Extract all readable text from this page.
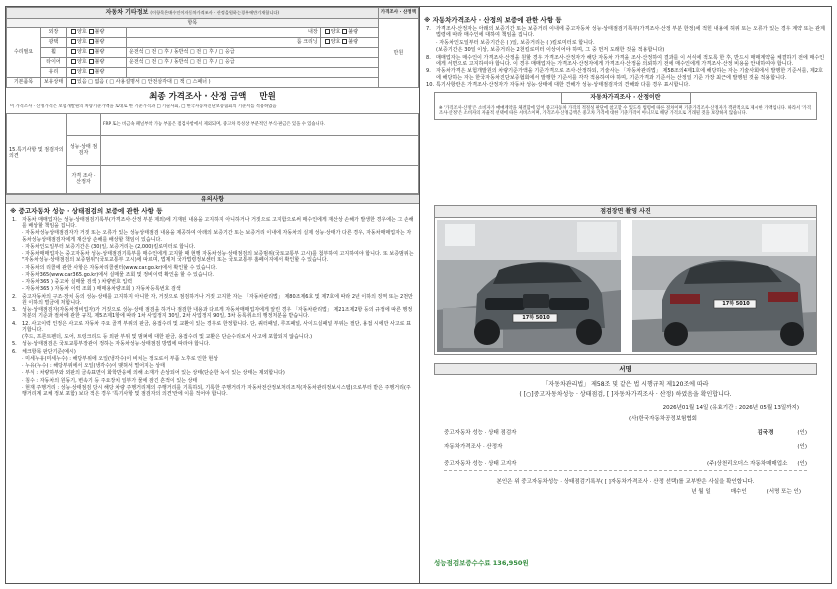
자동차 기타정보 (이항목은매수인이자동차가격조사 · 산정을원하는경우에만기재합니다)					가격조사 · 산정액
항목					만원
수리필요	외장	양호 불량	내장	양호 불량	
	광택	양호 불량	룸 크리닝	양호 불량	
	휠	양호 불량	운전석 □ 전 □ 후 / 동반석 □ 전 □ 후 / □ 응급		
	타이어	양호 불량	운전석 □ 전 □ 후 / 동반석 □ 전 □ 후 / □ 응급		
	유리	양호 불량			
기본품목	보유상태	있음 □ 없음 ( □ 사용설명서 □ 안전삼각대 □ 잭 □ 스패너 )			
최종 가격조사 · 산정 금액 만원
이 가격조사 · 산정가격은 보험개발원의 차량기준가액을 토대로 한 기준가격과 □ 기술사회, □ 한국자동차진단보증협회의 기준서를 적용하였음
15.특기사항 및 점검자의 의견		FRP 또는 비금속 패널부착 가능 부품은 점검사항에서 제외되며, 중고차 특성상 부분적인 부식·판금은 있을 수 있습니다.
	성능·상태 점검자	
	가격 조사 · 산정자	
유의사항
※ 중고자동차 성능 · 상태점검의 보증에 관한 사항 등
1.	자동차 매매업자는 성능·상태점검기록부(가격조사·산정 부분 제외)에 기재된 내용을 고지하지 아니하거나 거짓으로 고지함으로써 매수인에게 재산상 손해가 발생한 경우에는 그 손해를 배상할 책임을 집니다.
· 자동차성능상태점검자가 거짓 또는 오류가 있는 성능상태점검 내용을 제공하여 아래의 보증기간 또는 보증거리 이내에 자동차의 실제 성능·상태가 다른 경우, 자동차매매업자는 자동차성능상태점검자에게 재산상 손해를 배상할 책임이 있습니다.
· 자동차인도일부터 보증기간은 (30)일, 보증거리는 (2,000)킬로미터로 합니다.
· 자동차매매업자는 중고자동차 성능·상태점검기록부를 매수인에게 고지할 때 현행 자동차성능·상태점검의 보증범위(국토교통부 고시)를 첨부하여 고지하여야 합니다. 또 보증범위는 "자동차성능·상태점검의 보증범위"(국토교통부 고시)에 따르며, 법제처 국가법령정보센터 또는 국토교통부 홈페이지에서 확인할 수 있습니다.
· 자동차의 리콜에 관한 사항은 자동차리콜센터(www.car.go.kr)에서 확인할 수 있습니다.
· 자동차365(www.car365.go.kr)에서 실매물 조회 및 정비이력 확인을 할 수 있습니다.
- 자동차365 ) 중고차 실매물 검색 ) 차량번호 입력
- 자동차365 ) 자동차 이력 조회 ) 매매용차량조회 ) 자동차등록번호 검색
2.	중고자동차의 구조·장치 등의 성능·상태를 고지하지 아니한 자, 거짓으로 점검하거나 거짓 고지한 자는 「자동차관리법」 제80조제6호 및 제7호에 따라 2년 이하의 징역 또는 2천만원 이하의 벌금에 처합니다.
3.	성능·상태점검자(자동차정비업자)가 거짓으로 성능·상태 점검을 하거나 점검한 내용과 다르게 자동차매매업자에게 알린 경우 「자동차관리법」 제21조제2항 등의 규정에 따른 행정처분의 기준과 절차에 관한 규칙, 제5조제1항에 따라 1차 사업정지 30일, 2차 사업정지 90일, 3차 등록취소의 행정처분을 받습니다.
4.	12. 사고이력 인정은 사고로 자동차 주요 골격 부위의 판금, 용접수리 및 교환이 있는 경우로 한정합니다. 단, 쿼터패널, 루프패널, 사이드실패널 부위는 절단, 용접 시에만 사고로 표기합니다.
(후드, 프론트펜더, 도어, 트렁크리드 등 외판 부위 및 범퍼에 대한 판금, 용접수리 및 교환은 단순수리로서 사고에 포함되지 않습니다.)
5.	성능·상태점검은 국토교통부장관이 정하는 자동차성능·상태점검 방법에 따라야 합니다.
6.	체크항목 판단기준(예시)
· 미세누유(미세누수) : 해당부위에 오일(냉각수)이 비치는 정도로서 부품 노후로 인한 현상
· 누유(누수) : 해당부위에서 오일(냉각수)이 맺혀서 떨어지는 상태
· 부식 : 차량하부와 외판의 금속표면이 화학반응에 의해 소재가 손상되어 있는 상태(단순한 녹이 있는 상태는 제외합니다)
· 침수 : 자동차의 원동기, 변속기 등 주요장치 일부가 물에 잠긴 흔적이 있는 상태
· 현재 주행거리 : 성능·상태점검 당시 해당 차량 주행거리계의 주행거리를 기록하되, 기록한 주행거리가 자동차전산정보처리조직(자동차관리정보시스템)으로부터 받은 주행거리(주행거리계 교체 정보 포함) 보다 적은 경우 '특기사항 및 점검자의 의견'란에 이를 적어야 합니다.
※ 자동차가격조사 · 산정의 보증에 관한 사항 등
7.	가격조사·산정자는 아래의 보증기간 또는 보증거리 이내에 중고자동차 성능·상태점검기록부(가격조사·산정 부분 한정)에 적힌 내용에 허위 또는 오류가 있는 경우 계약 또는 관계법령에 따라 매수인에 대하여 책임을 집니다.
· 자동차인도일부터 보증기간은 ( )일, 보증거리는 ( )킬로미터로 합니다.
(보증기간은 30일 이상, 보증거리는 2천킬로미터 이상이어야 하며, 그 중 먼저 도래한 것을 적용합니다)
8.	매매업자는 매수인이 가격조사·산정을 원할 경우 가격조사·산정자가 해당 자동차 가격을 조사·산정하여 결과를 이 서식에 적도록 한 후, 반드시 매매계약을 체결하기 전에 매수인에게 서면으로 고지하여야 합니다. 이 경우 매매업자는 가격조사·산정자에게 가격조사·산정을 의뢰하기 전에 매수인에게 가격조사·산정 비용을 안내하여야 합니다.
9.	자동차가격은 보험개발원의 차량기준가액을 기준가격으로 조사·산정하되, 기술사는 「자동차관리법」 제58조의4제1호에 해당하는 자는 기술사회에서 발행한 기준서를, 제2호에 해당하는 자는 한국자동차진단보증협회에서 발행한 기준서를 각각 적용하여야 하며, 기준가격과 기준서는 산정일 기준 가장 최근에 발행된 것을 적용합니다.
10. 특기사항란은 가격조사·산정자가 자동차 성능·상태에 대한 견해가 성능·상태점검자의 견해와 다를 경우 표시합니다.
자동차가격조사 · 산정이란
※ '가격조사·산정'은 소비자가 매매계약을 체결함에 있어 중고자동차 가격의 적절성 판단에 참고할 수 있도록 법령에 따른 절차이며 기준가격조사·산정자가 객관적으로 제시한 가액입니다. 따라서 '가격조사·산정'은 소비자의 자율적 선택에 따른 서비스이며, 가격조사·산정금액은 중고차 가격에 대한 기준가격이 아니므로 해당 가격으로 거래될 것을 보장하지 않습니다.
점검장면 촬영 사진
17하 5010
17하 5010
서명
「자동차관리법」 제58조 및 같은 법 시행규칙 제120조에 따라
( [○]중고자동차성능 · 상태점검, [ ]자동차가격조사 · 산정) 하였음을 확인합니다.
2026년01월 14일 (유효기간 : 2026년 05월 13일까지)
(사)한국자동차공정보험협회
중고자동차 성능 · 상태 점검자	김국경	(인)
자동차가격조사 · 산정자	(인)
중고자동차 성능 · 상태 고지자	(주)상천리오더스 자동차매매업소 (인)
본인은 위 중고자동차성능 · 상태점검기록부( [ ]자동차가격조사 · 산정 선택)를 교부받은 사실을 확인합니다.
년 월 일	매수인	(서명 또는 인)
성능점검보증수수료 136,950원
